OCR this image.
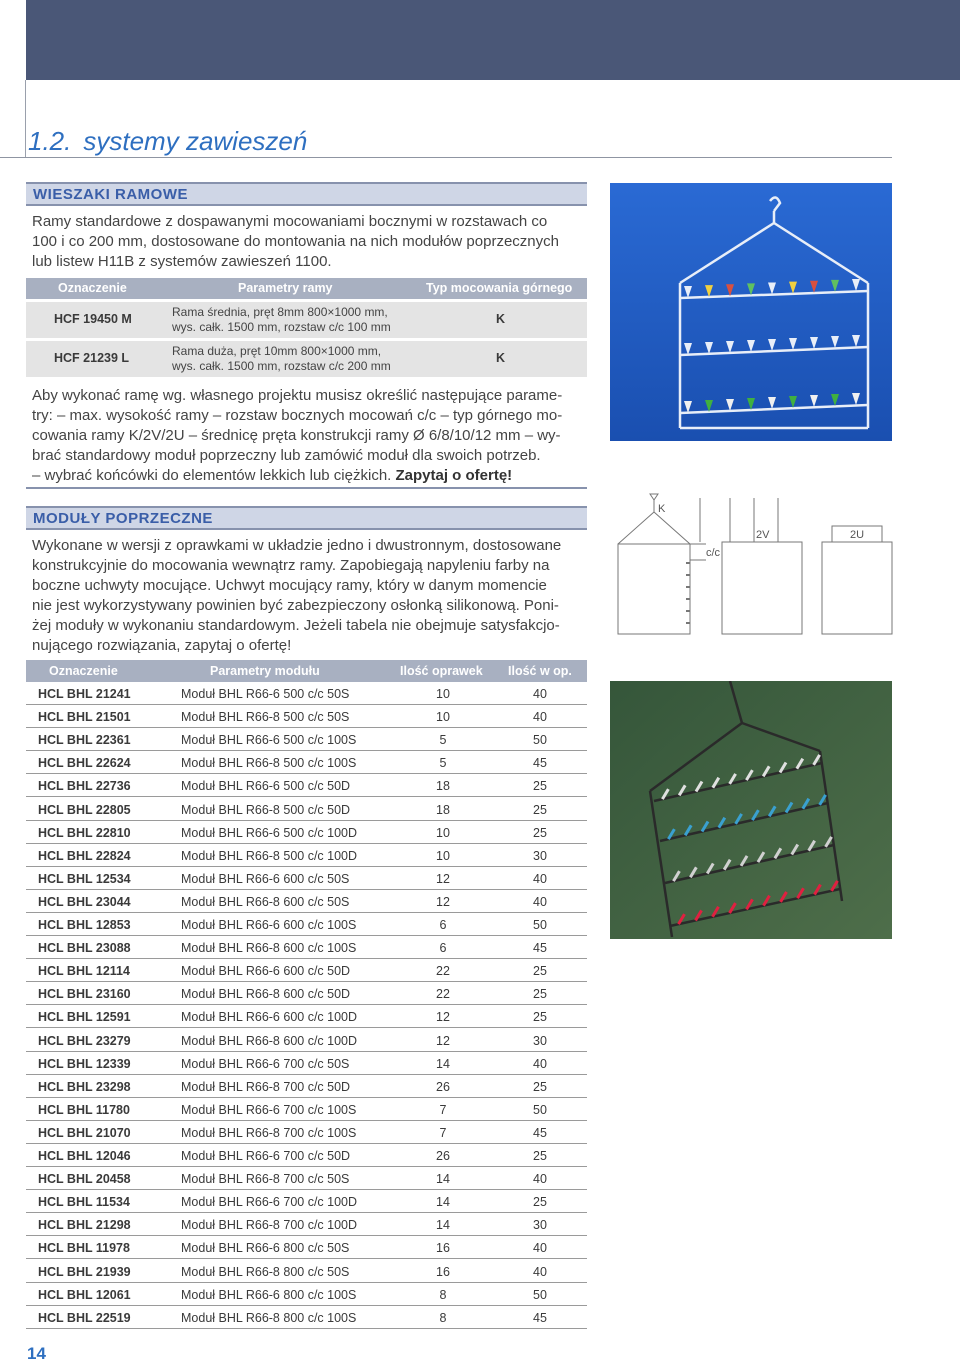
1.2. systemy zawieszeń
WIESZAKI RAMOWE
Ramy standardowe z dospawanymi mocowaniami bocznymi w rozstawach co
100 i co 200 mm, dostosowane do montowania na nich modułów poprzecznych
lub listew H11B z systemów zawieszeń 1100.
Oznaczenie	Parametry ramy	Typ mocowania górnego
HCF 19450 M	Rama średnia, pręt 8mm 800×1000 mm,
wys. całk. 1500 mm, rozstaw c/c 100 mm
K
HCF 21239 L	Rama duża, pręt 10mm 800×1000 mm,
wys. całk. 1500 mm, rozstaw c/c 200 mm
K
Aby wykonać ramę wg. własnego projektu musisz określić następujące parame-
try: – max. wysokość ramy – rozstaw bocznych mocowań c/c – typ górnego mo-
cowania ramy K/2V/2U – średnicę pręta konstrukcji ramy Ø 6/8/10/12 mm – wy-
brać standardowy moduł poprzeczny lub zamówić moduł dla swoich potrzeb.
– wybrać końcówki do elementów lekkich lub ciężkich. Zapytaj o ofertę!
MODUŁY POPRZECZNE
Wykonane w wersji z oprawkami w układzie jedno i dwustronnym, dostosowane
konstrukcyjnie do mocowania wewnątrz ramy. Zapobiegają napyleniu farby na
boczne uchwyty mocujące. Uchwyt mocujący ramy, który w danym momencie
nie jest wykorzystywany powinien być zabezpieczony osłonką silikonową. Poni-
żej moduły w wykonaniu standardowym. Jeżeli tabela nie obejmuje satysfakcjo-
nującego rozwiązania, zapytaj o ofertę!
Oznaczenie	Parametry modułu	Ilość oprawek Ilość w op.
HCL BHL 21241	Moduł BHL R66-6 500 c/c 50S	10	40
HCL BHL 21501	Moduł BHL R66-8 500 c/c 50S	10	40
HCL BHL 22361	Moduł BHL R66-6 500 c/c 100S	5	50
HCL BHL 22624	Moduł BHL R66-8 500 c/c 100S	5	45
HCL BHL 22736	Moduł BHL R66-6 500 c/c 50D	18	25
HCL BHL 22805	Moduł BHL R66-8 500 c/c 50D	18	25
HCL BHL 22810	Moduł BHL R66-6 500 c/c 100D	10	25
HCL BHL 22824	Moduł BHL R66-8 500 c/c 100D	10	30
HCL BHL 12534	Moduł BHL R66-6 600 c/c 50S	12	40
HCL BHL 23044	Moduł BHL R66-8 600 c/c 50S	12	40
HCL BHL 12853	Moduł BHL R66-6 600 c/c 100S	6	50
HCL BHL 23088	Moduł BHL R66-8 600 c/c 100S	6	45
HCL BHL 12114	Moduł BHL R66-6 600 c/c 50D	22	25
HCL BHL 23160	Moduł BHL R66-8 600 c/c 50D	22	25
HCL BHL 12591	Moduł BHL R66-6 600 c/c 100D	12	25
HCL BHL 23279	Moduł BHL R66-8 600 c/c 100D	12	30
HCL BHL 12339	Moduł BHL R66-6 700 c/c 50S	14	40
HCL BHL 23298	Moduł BHL R66-8 700 c/c 50D	26	25
HCL BHL 11780	Moduł BHL R66-6 700 c/c 100S	7	50
HCL BHL 21070	Moduł BHL R66-8 700 c/c 100S	7	45
HCL BHL 12046	Moduł BHL R66-6 700 c/c 50D	26	25
HCL BHL 20458	Moduł BHL R66-8 700 c/c 50S	14	40
HCL BHL 11534	Moduł BHL R66-6 700 c/c 100D	14	25
HCL BHL 21298	Moduł BHL R66-8 700 c/c 100D	14	30
HCL BHL 11978	Moduł BHL R66-6 800 c/c 50S	16	40
HCL BHL 21939	Moduł BHL R66-8 800 c/c 50S	16	40
HCL BHL 12061	Moduł BHL R66-6 800 c/c 100S	8	50
HCL BHL 22519	Moduł BHL R66-8 800 c/c 100S	8	45
K
c/c
2V	2U
14
